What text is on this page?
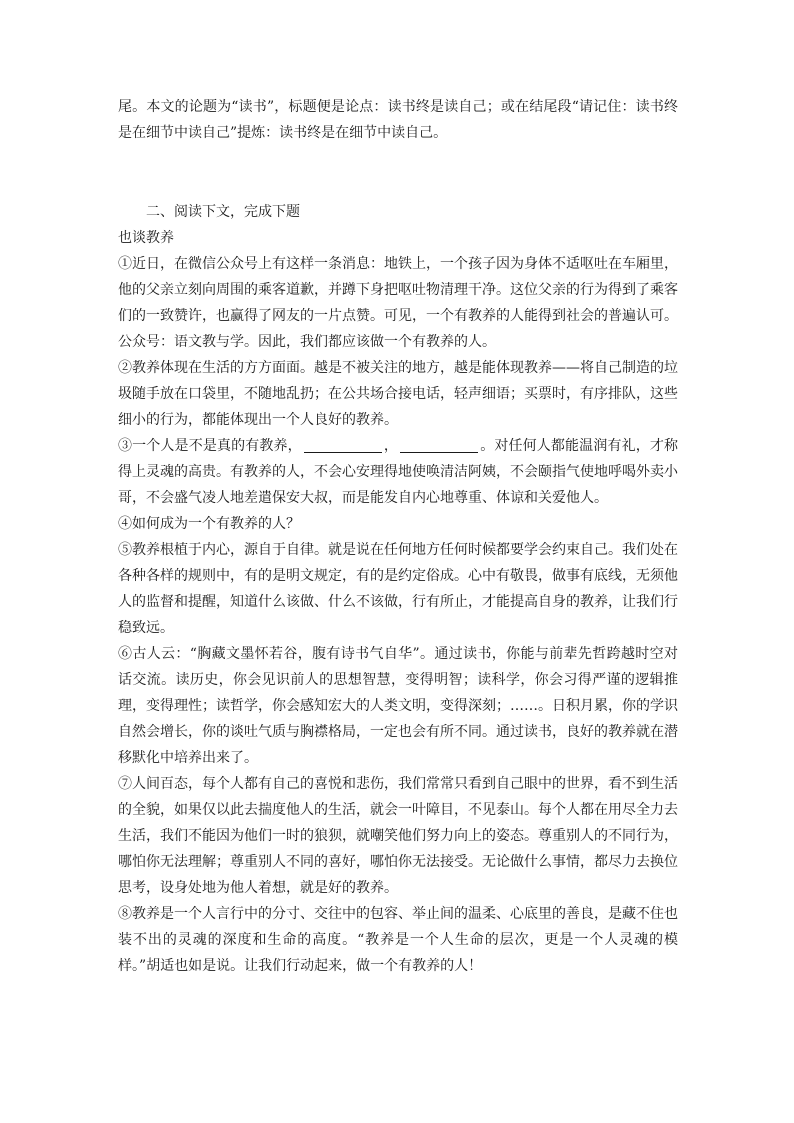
尾。本文的论题为“读书”，标题便是论点：读书终是读自己；或在结尾段“请记住：读书终是在细节中读自己”提炼：读书终是在细节中读自己。

二、阅读下文，完成下题

也谈教养

①近日，在微信公众号上有这样一条消息：地铁上，一个孩子因为身体不适呕吐在车厢里，他的父亲立刻向周围的乘客道歉，并蹲下身把呕吐物清理干净。这位父亲的行为得到了乘客们的一致赞许，也赢得了网友的一片点赞。可见，一个有教养的人能得到社会的普遍认可。公众号：语文教与学。因此，我们都应该做一个有教养的人。

②教养体现在生活的方方面面。越是不被关注的地方，越是能体现教养——将自己制造的垃圾随手放在口袋里，不随地乱扔；在公共场合接电话，轻声细语；买票时，有序排队，这些细小的行为，都能体现出一个人良好的教养。

③一个人是不是真的有教养，	，	。对任何人都能温润有礼，才称得上灵魂的高贵。有教养的人，不会心安理得地使唤清洁阿姨，不会颐指气使地呼喝外卖小哥，不会盛气凌人地差遣保安大叔，而是能发自内心地尊重、体谅和关爱他人。

④如何成为一个有教养的人？

⑤教养根植于内心，源自于自律。就是说在任何地方任何时候都要学会约束自己。我们处在各种各样的规则中，有的是明文规定，有的是约定俗成。心中有敬畏，做事有底线，无须他人的监督和提醒，知道什么该做、什么不该做，行有所止，才能提高自身的教养，让我们行稳致远。

⑥古人云：“胸藏文墨怀若谷，腹有诗书气自华”。通过读书，你能与前辈先哲跨越时空对话交流。读历史，你会见识前人的思想智慧，变得明智；读科学，你会习得严谨的逻辑推理，变得理性；读哲学，你会感知宏大的人类文明，变得深刻；……。日积月累，你的学识自然会增长，你的谈吐气质与胸襟格局，一定也会有所不同。通过读书，良好的教养就在潜移默化中培养出来了。

⑦人间百态，每个人都有自己的喜悦和悲伤，我们常常只看到自己眼中的世界，看不到生活的全貌，如果仅以此去揣度他人的生活，就会一叶障目，不见泰山。每个人都在用尽全力去生活，我们不能因为他们一时的狼狈，就嘲笑他们努力向上的姿态。尊重别人的不同行为，哪怕你无法理解；尊重别人不同的喜好，哪怕你无法接受。无论做什么事情，都尽力去换位思考，设身处地为他人着想，就是好的教养。

⑧教养是一个人言行中的分寸、交往中的包容、举止间的温柔、心底里的善良，是藏不住也装不出的灵魂的深度和生命的高度。“教养是一个人生命的层次，更是一个人灵魂的模样。”胡适也如是说。让我们行动起来，做一个有教养的人！
